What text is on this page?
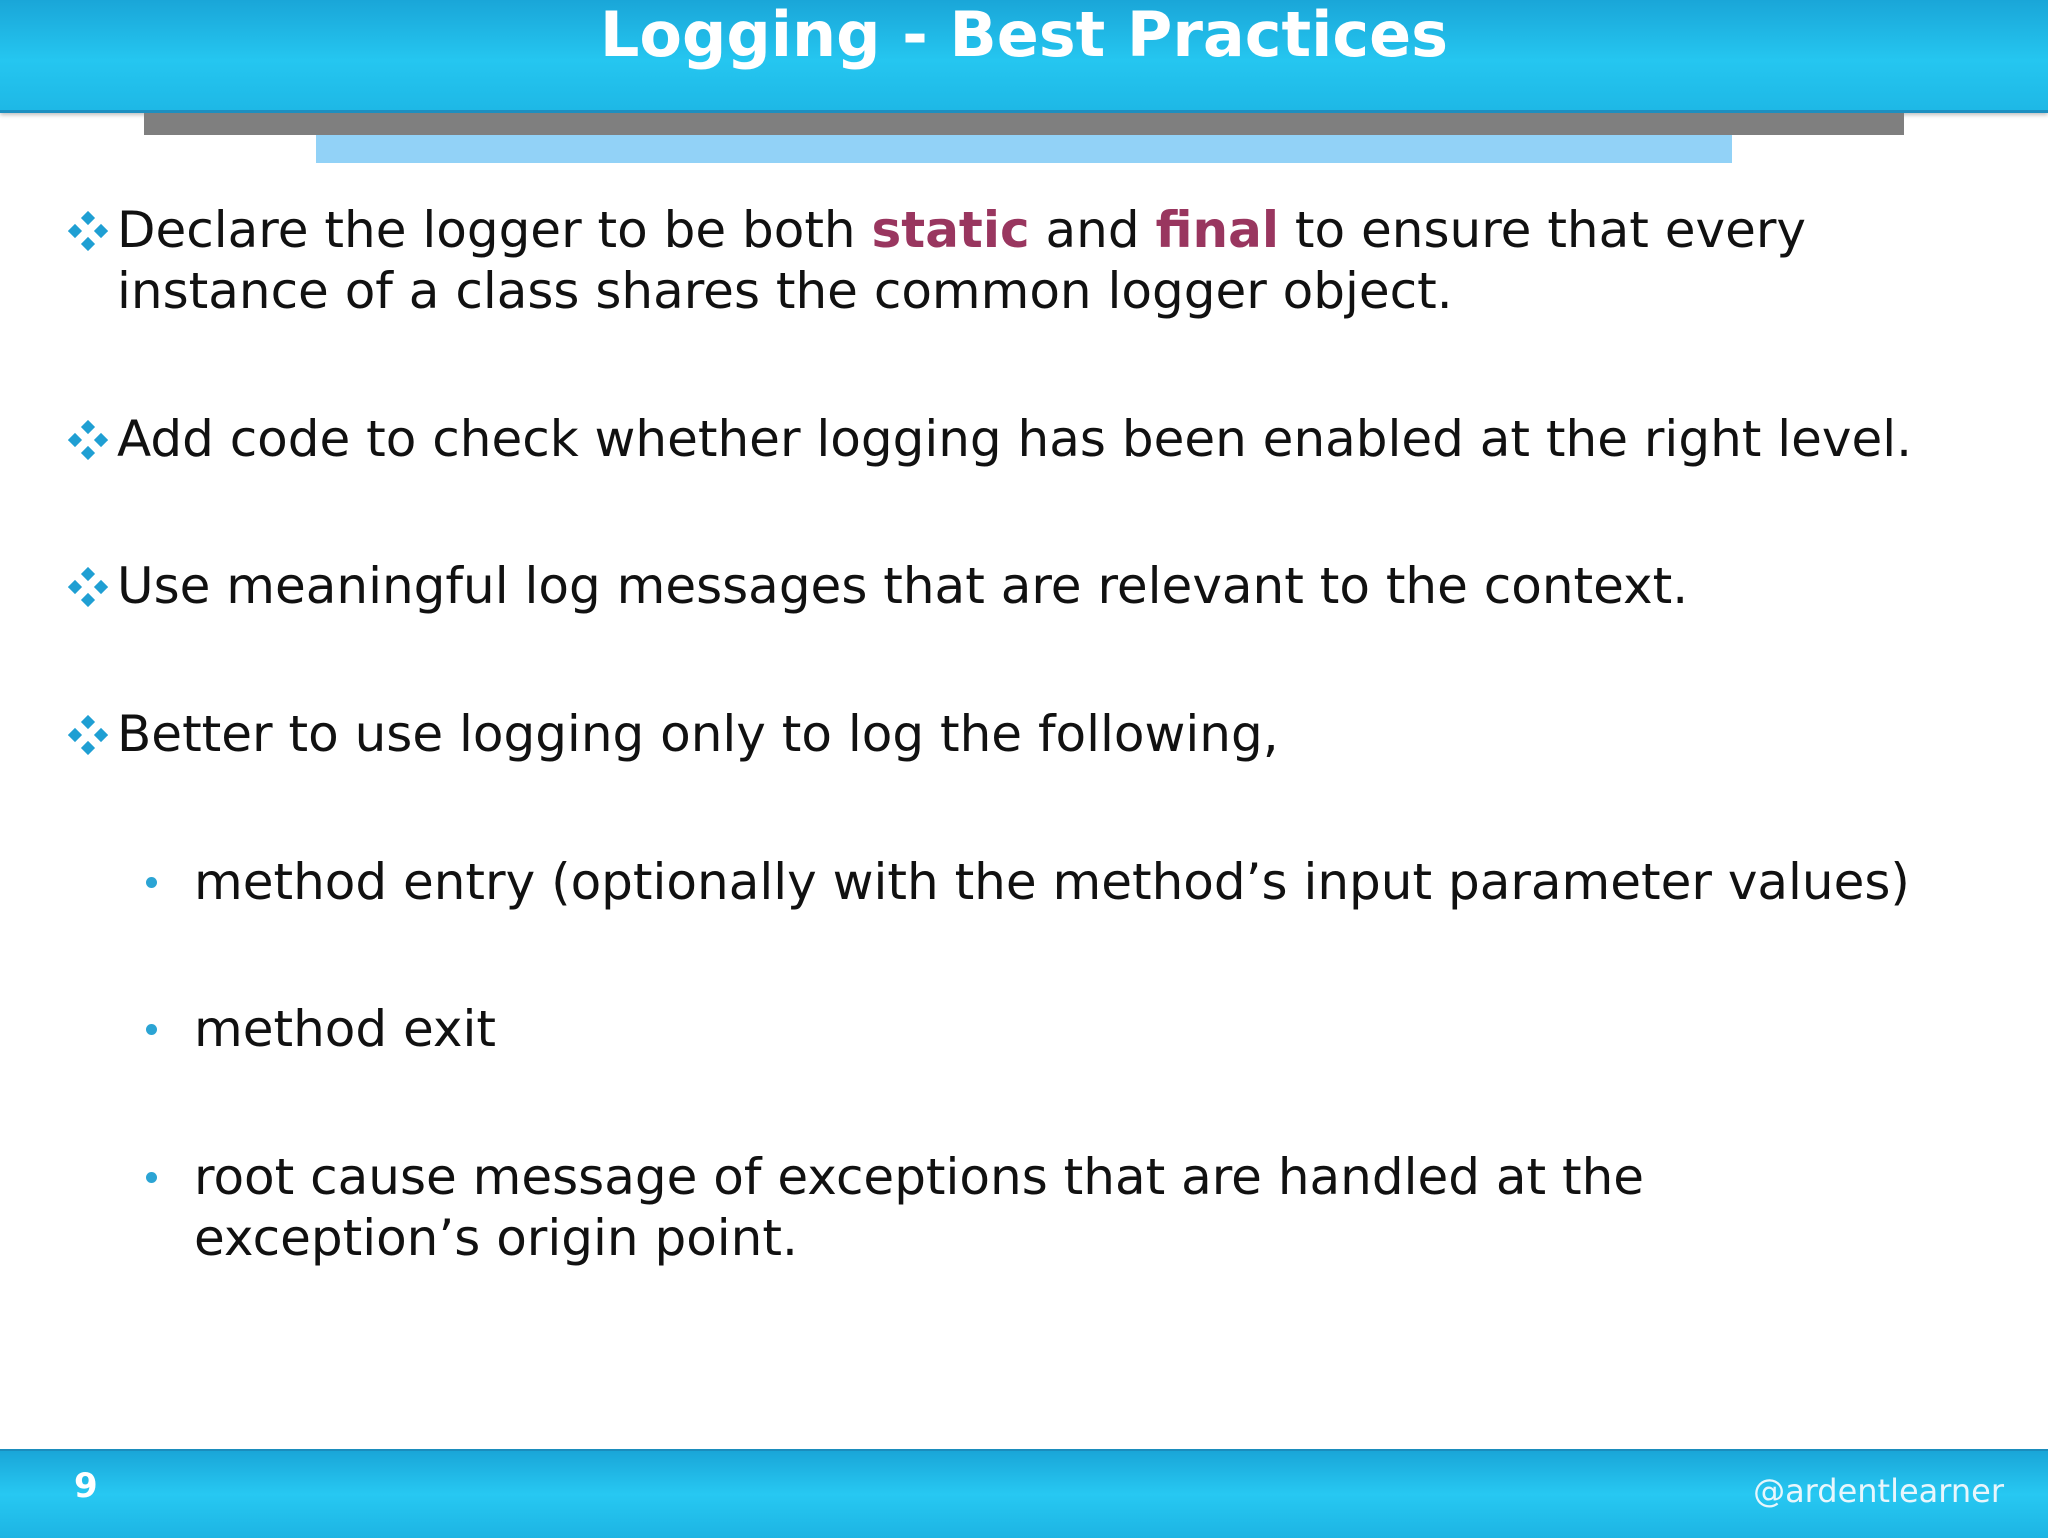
Logging - Best Practices
Declare the logger to be both static and final to ensure that every
instance of a class shares the common logger object.
Add code to check whether logging has been enabled at the right level.
Use meaningful log messages that are relevant to the context.
Better to use logging only to log the following,
method entry (optionally with the method’s input parameter values)
method exit
root cause message of exceptions that are handled at the
exception’s origin point.
9	@ardentlearner
